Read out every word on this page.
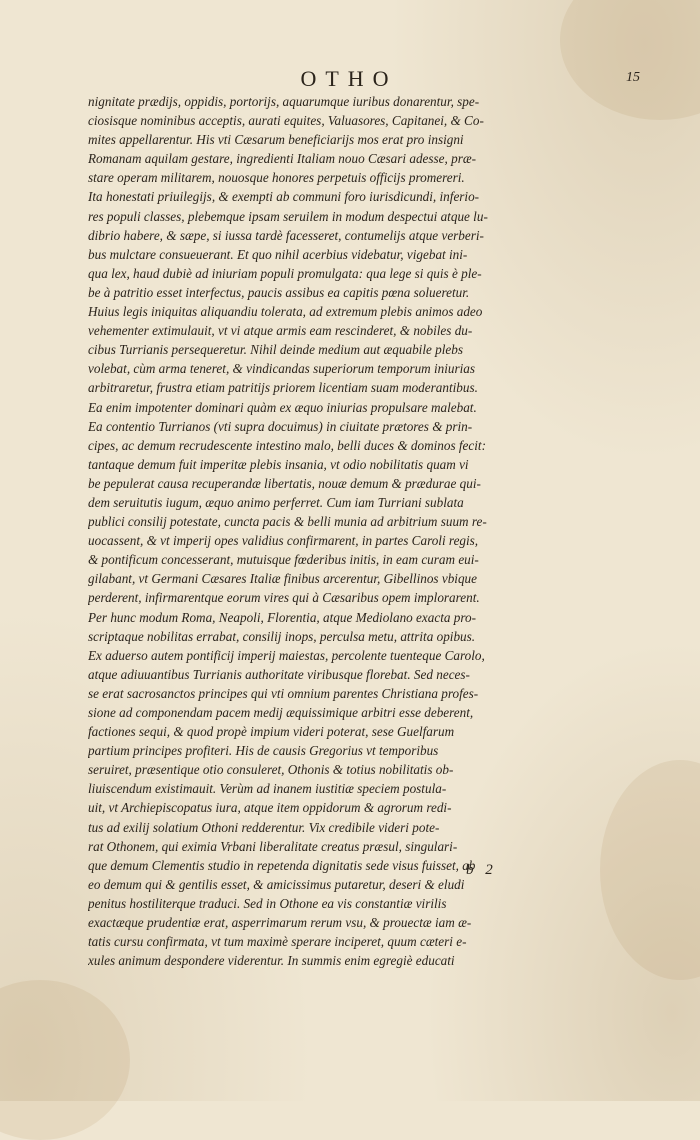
OTHO	15
nignitate prædijs, oppidis, portorijs, aquarumque iuribus donarentur, spe-
ciosisque nominibus acceptis, aurati equites, Valuasores, Capitanei, & Co-
mites appellarentur. His vti Cæsarum beneficiarijs mos erat pro insigni
Romanam aquilam gestare, ingredienti Italiam nouo Cæsari adesse, præ-
stare operam militarem, nouosque honores perpetuis officijs promereri.
Ita honestati priuilegijs, & exempti ab communi foro iurisdicundi, inferio-
res populi classes, plebemque ipsam seruilem in modum despectui atque lu-
dibrio habere, & sæpe, si iussa tardè facesseret, contumelijs atque verberi-
bus mulctare consueuerant. Et quo nihil acerbius videbatur, vigebat ini-
qua lex, haud dubiè ad iniuriam populi promulgata: qua lege si quis è ple-
be à patritio esset interfectus, paucis assibus ea capitis pœna solueretur.
Huius legis iniquitas aliquandiu tolerata, ad extremum plebis animos adeo
vehementer extimulauit, vt vi atque armis eam rescinderet, & nobiles du-
cibus Turrianis persequeretur. Nihil deinde medium aut æquabile plebs
volebat, cùm arma teneret, & vindicandas superiorum temporum iniurias
arbitraretur, frustra etiam patritijs priorem licentiam suam moderantibus.
Ea enim impotenter dominari quàm ex æquo iniurias propulsare malebat.
Ea contentio Turrianos (vti supra docuimus) in ciuitate prætores & prin-
cipes, ac demum recrudescente intestino malo, belli duces & dominos fecit:
tantaque demum fuit imperitæ plebis insania, vt odio nobilitatis quam vi
be pepulerat causa recuperandæ libertatis, nouæ demum & prædurae qui-
dem seruitutis iugum, æquo animo perferret. Cum iam Turriani sublata
publici consilij potestate, cuncta pacis & belli munia ad arbitrium suum re-
uocassent, & vt imperij opes validius confirmarent, in partes Caroli regis,
& pontificum concesserant, mutuisque fœderibus initis, in eam curam eui-
gilabant, vt Germani Cæsares Italiæ finibus arcerentur, Gibellinos vbique
perderent, infirmarentque eorum vires qui à Cæsaribus opem implorarent.
Per hunc modum Roma, Neapoli, Florentia, atque Mediolano exacta pro-
scriptaque nobilitas errabat, consilij inops, perculsa metu, attrita opibus.
Ex aduerso autem pontificij imperij maiestas, percolente tuenteque Carolo,
atque adiuuantibus Turrianis authoritate viribusque florebat. Sed neces-
se erat sacrosanctos principes qui vti omnium parentes Christiana profes-
sione ad componendam pacem medij æquissimique arbitri esse deberent,
factiones sequi, & quod propè impium videri poterat, sese Guelfarum
partium principes profiteri. His de causis Gregorius vt temporibus
seruiret, præsentique otio consuleret, Othonis & totius nobilitatis ob-
liuiscendum existimauit. Verùm ad inanem iustitiæ speciem postula-
uit, vt Archiepiscopatus iura, atque item oppidorum & agrorum redi-
tus ad exilij solatium Othoni redderentur. Vix credibile videri pote-
rat Othonem, qui eximia Vrbani liberalitate creatus præsul, singulari-
que demum Clementis studio in repetenda dignitatis sede visus fuisset, ab
eo demum qui & gentilis esset, & amicissimus putaretur, deseri & eludi
penitus hostiliterque traduci. Sed in Othone ea vis constantiæ virilis
exactæque prudentiæ erat, asperrimarum rerum vsu, & prouectæ iam æ-
tatis cursu confirmata, vt tum maximè sperare inciperet, quum cæteri e-
xules animum despondere viderentur. In summis enim egregiè educati
b 2
